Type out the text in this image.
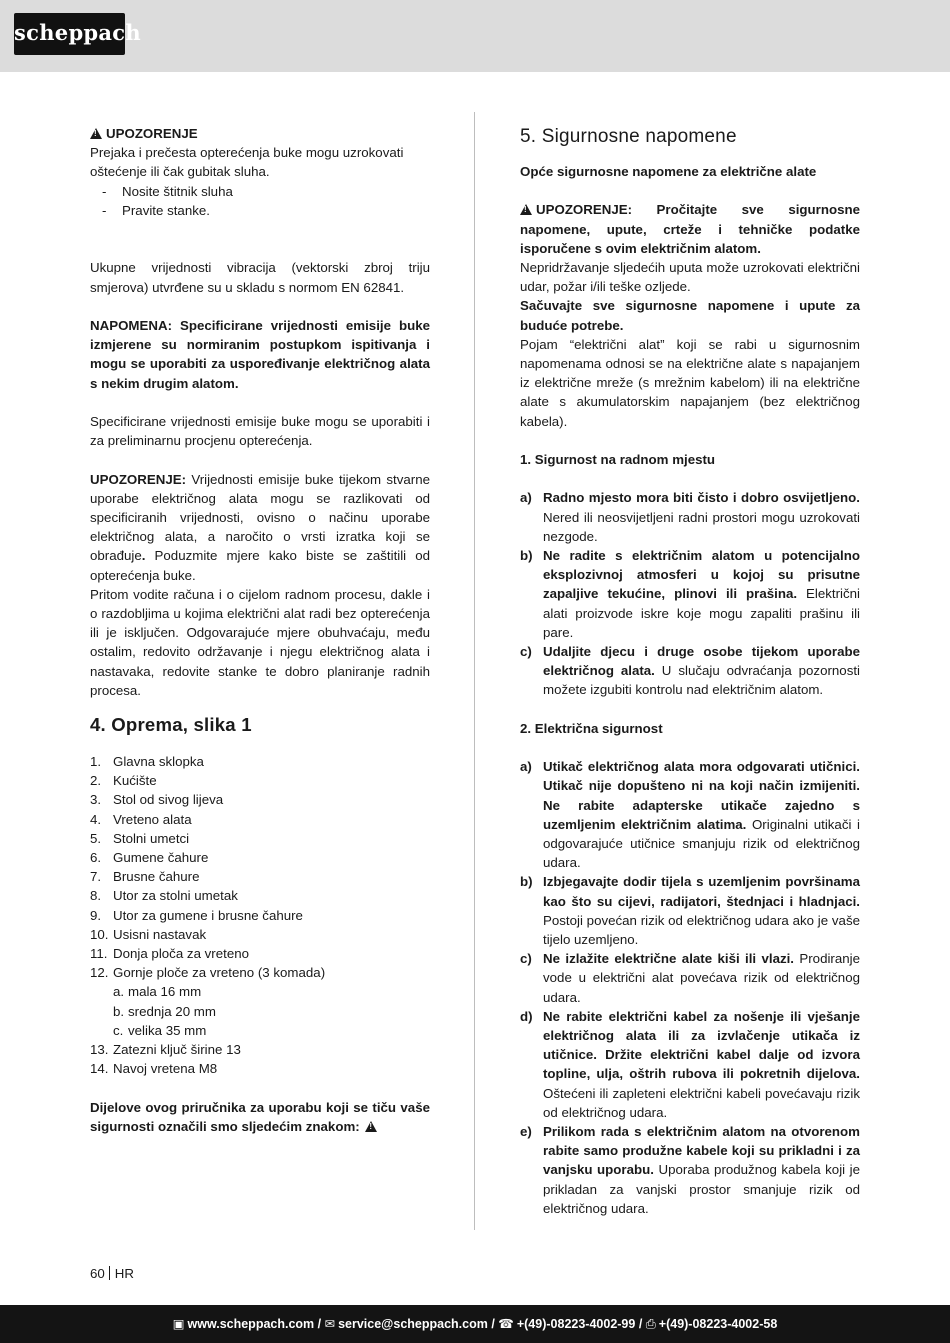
scheppach

!UPOZORENJE

Prejaka i prečesta opterećenja buke mogu uzrokovati oštećenje ili čak gubitak sluha.

-	Nosite štitnik sluha
-	Pravite stanke.

Ukupne vrijednosti vibracija (vektorski zbroj triju smjerova) utvrđene su u skladu s normom EN 62841.

NAPOMENA: Specificirane vrijednosti emisije buke izmjerene su normiranim postupkom ispitivanja i mogu se uporabiti za uspoređivanje električnog alata s nekim drugim alatom.

Specificirane vrijednosti emisije buke mogu se uporabiti i za preliminarnu procjenu opterećenja.

UPOZORENJE: Vrijednosti emisije buke tijekom stvarne uporabe električnog alata mogu se razlikovati od specificiranih vrijednosti, ovisno o načinu uporabe električnog alata, a naročito o vrsti izratka koji se obrađuje. Poduzmite mjere kako biste se zaštitili od opterećenja buke.

Pritom vodite računa i o cijelom radnom procesu, dakle i o razdobljima u kojima električni alat radi bez opterećenja ili je isključen. Odgovarajuće mjere obuhvaćaju, među ostalim, redovito održavanje i njegu električnog alata i nastavaka, redovite stanke te dobro planiranje radnih procesa.

4. Oprema, slika 1
1. Glavna sklopka
2. Kućište
3. Stol od sivog lijeva
4. Vreteno alata
5. Stolni umetci
6. Gumene čahure
7. Brusne čahure
8. Utor za stolni umetak
9. Utor za gumene i brusne čahure
10. Usisni nastavak
11. Donja ploča za vreteno
12. Gornje ploče za vreteno (3 komada)
a. mala 16 mm
b. srednja 20 mm
c. velika 35 mm
13. Zatezni ključ širine 13
14. Navoj vretena M8

Dijelove ovog priručnika za uporabu koji se tiču vaše sigurnosti označili smo sljedećim znakom: !

5. Sigurnosne napomene

Opće sigurnosne napomene za električne alate

!UPOZORENJE: Pročitajte sve sigurnosne napomene, upute, crteže i tehničke podatke isporučene s ovim električnim alatom.

Nepridržavanje sljedećih uputa može uzrokovati električni udar, požar i/ili teške ozljede.

Sačuvajte sve sigurnosne napomene i upute za buduće potrebe.

Pojam “električni alat” koji se rabi u sigurnosnim napomenama odnosi se na električne alate s napajanjem iz električne mreže (s mrežnim kabelom) ili na električne alate s akumulatorskim napajanjem (bez električnog kabela).

1. Sigurnost na radnom mjestu

a) Radno mjesto mora biti čisto i dobro osvijetljeno. Nered ili neosvijetljeni radni prostori mogu uzrokovati nezgode.
b) Ne radite s električnim alatom u potencijalno eksplozivnoj atmosferi u kojoj su prisutne zapaljive tekućine, plinovi ili prašina. Električni alati proizvode iskre koje mogu zapaliti prašinu ili pare.
c) Udaljite djecu i druge osobe tijekom uporabe električnog alata. U slučaju odvraćanja pozornosti možete izgubiti kontrolu nad električnim alatom.

2. Električna sigurnost

a) Utikač električnog alata mora odgovarati utičnici. Utikač nije dopušteno ni na koji način izmijeniti. Ne rabite adapterske utikače zajedno s uzemljenim električnim alatima. Originalni utikači i odgovarajuće utičnice smanjuju rizik od električnog udara.
b) Izbjegavajte dodir tijela s uzemljenim površinama kao što su cijevi, radijatori, štednjaci i hladnjaci. Postoji povećan rizik od električnog udara ako je vaše tijelo uzemljeno.
c) Ne izlažite električne alate kiši ili vlazi. Prodiranje vode u električni alat povećava rizik od električnog udara.
d) Ne rabite električni kabel za nošenje ili vješanje električnog alata ili za izvlačenje utikača iz utičnice. Držite električni kabel dalje od izvora topline, ulja, oštrih rubova ili pokretnih dijelova. Oštećeni ili zapleteni električni kabeli povećavaju rizik od električnog udara.
e) Prilikom rada s električnim alatom na otvorenom rabite samo produžne kabele koji su prikladni i za vanjsku uporabu. Uporaba produžnog kabela koji je prikladan za vanjski prostor smanjuje rizik od električnog udara.
60 HR
▣ www.scheppach.com / ✉ service@scheppach.com / ☎ +(49)-08223-4002-99 / ⎙ +(49)-08223-4002-58
